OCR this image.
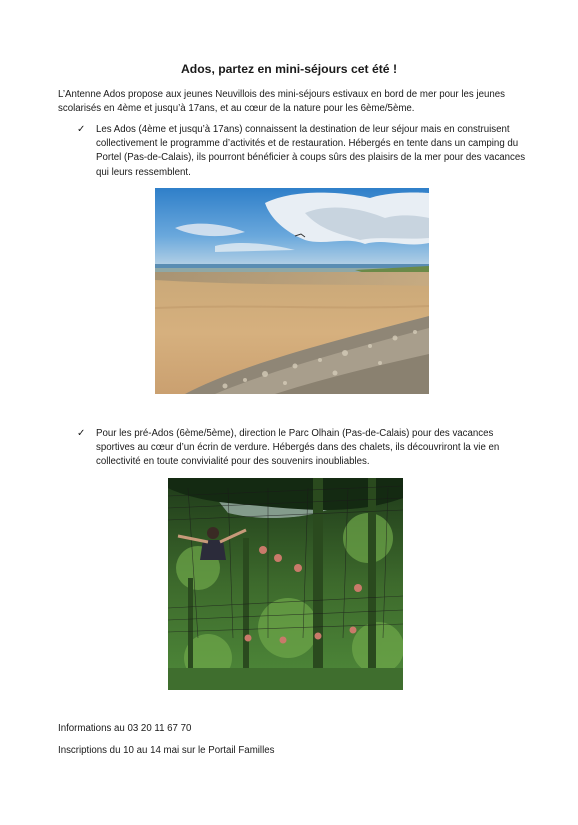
Ados, partez en mini-séjours cet été !
L’Antenne Ados propose aux jeunes Neuvillois des mini-séjours estivaux en bord de mer pour les jeunes scolarisés en 4ème et jusqu’à 17ans, et au cœur de la nature pour les 6ème/5ème.
✓ Les Ados (4ème et jusqu’à 17ans) connaissent la destination de leur séjour mais en construisent collectivement le programme d’activités et de restauration. Hébergés en tente dans un camping du Portel (Pas-de-Calais), ils pourront bénéficier à coups sûrs des plaisirs de la mer pour des vacances qui leurs ressemblent.
✓ Pour les pré-Ados (6ème/5ème), direction le Parc Olhain (Pas-de-Calais) pour des vacances sportives au cœur d’un écrin de verdure. Hébergés dans des chalets, ils découvriront la vie en collectivité en toute convivialité pour des souvenirs inoubliables.
Informations au 03 20 11 67 70
Inscriptions du 10 au 14 mai sur le Portail Familles
